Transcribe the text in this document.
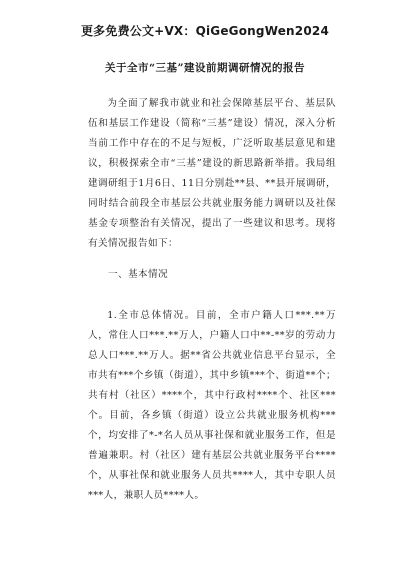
更多免费公文+VX：QiGeGongWen2024
关于全市“三基”建设前期调研情况的报告

为全面了解我市就业和社会保障基层平台、基层队伍和基层工作建设（简称“三基”建设）情况，深入分析当前工作中存在的不足与短板，广泛听取基层意见和建议，积极探索全市“三基”建设的新思路新举措。我局组建调研组于1月6日、11日分别赴**县、**县开展调研，同时结合前段全市基层公共就业服务能力调研以及社保基金专项整治有关情况，提出了一些建议和思考。现将有关情况报告如下：

一、基本情况

1.全市总体情况。目前，全市户籍人口***.**万人，常住人口***.**万人，户籍人口中**-**岁的劳动力总人口***.**万人。据**省公共就业信息平台显示，全市共有***个乡镇（街道），其中乡镇***个、街道**个；共有村（社区）****个，其中行政村****个、社区***个。目前，各乡镇（街道）设立公共就业服务机构***个，均安排了*-*名人员从事社保和就业服务工作，但是普遍兼职。村（社区）建有基层公共就业服务平台****个，从事社保和就业服务人员共****人，其中专职人员***人，兼职人员****人。
